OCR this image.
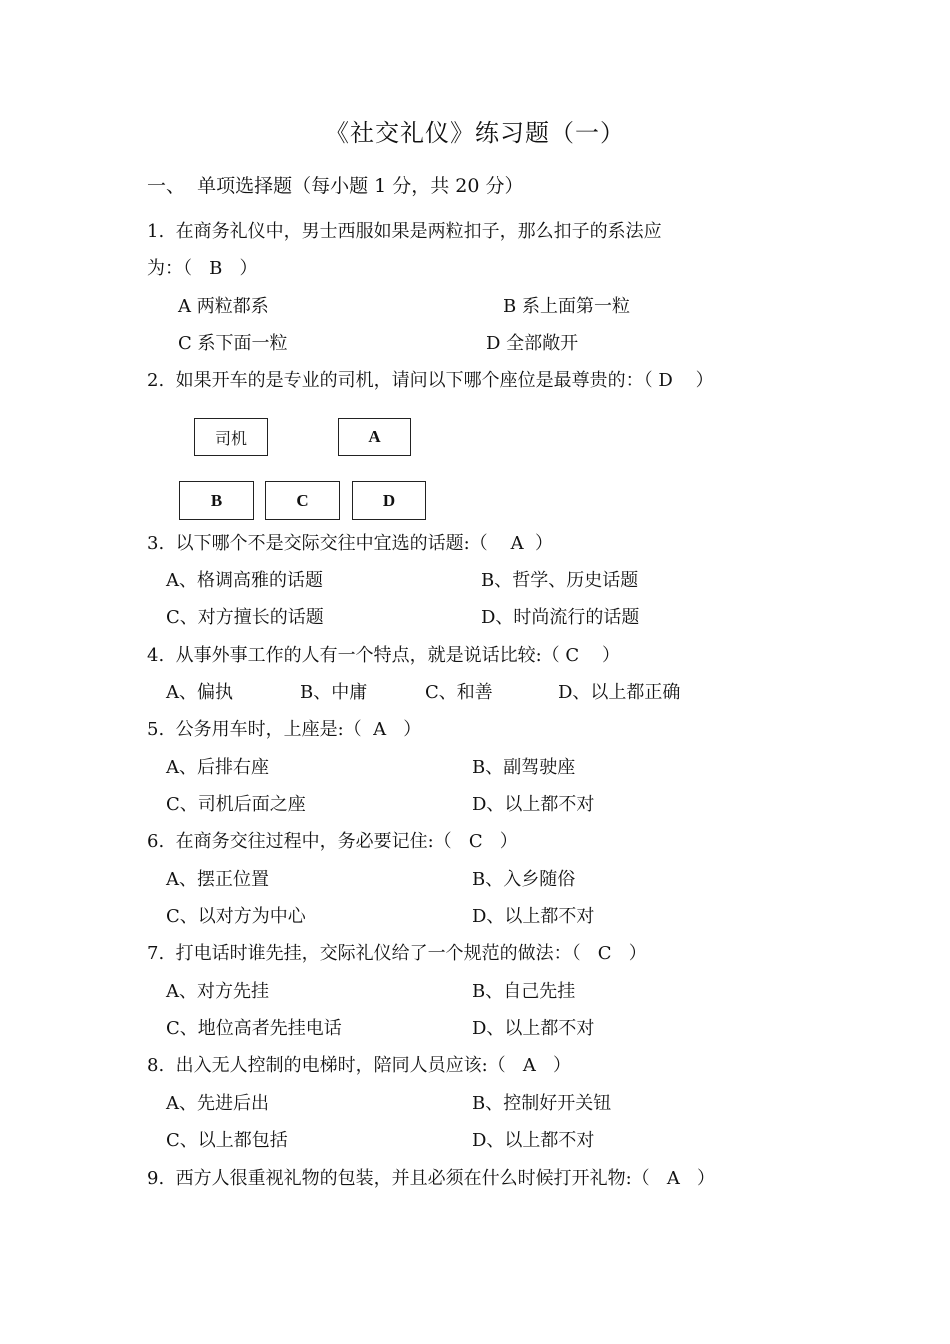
《社交礼仪》练习题（一）
一、  单项选择题（每小题 1 分，共 20 分）
1.  在商务礼仪中，男士西服如果是两粒扣子，那么扣子的系法应
为：（   B   ）
A 两粒都系	B 系上面第一粒
C 系下面一粒	D 全部敞开
2.  如果开车的是专业的司机，请问以下哪个座位是最尊贵的：（ D    ）
司机	A
B	C	D
3.  以下哪个不是交际交往中宜选的话题:（    A  ）
A、格调高雅的话题	B、哲学、历史话题
C、对方擅长的话题	D、时尚流行的话题
4.  从事外事工作的人有一个特点，就是说话比较:（ C    ）
A、偏执	B、中庸	C、和善	D、以上都正确
5.  公务用车时，上座是:（  A   ）
A、后排右座	B、副驾驶座
C、司机后面之座	D、以上都不对
6.  在商务交往过程中，务必要记住:（   C   ）
A、摆正位置	B、入乡随俗
C、以对方为中心	D、以上都不对
7.  打电话时谁先挂，交际礼仪给了一个规范的做法：（   C   ）
A、对方先挂	B、自己先挂
C、地位高者先挂电话	D、以上都不对
8.  出入无人控制的电梯时，陪同人员应该:（   A   ）
A、先进后出	B、控制好开关钮
C、以上都包括	D、以上都不对
9.  西方人很重视礼物的包装，并且必须在什么时候打开礼物:（   A   ）
